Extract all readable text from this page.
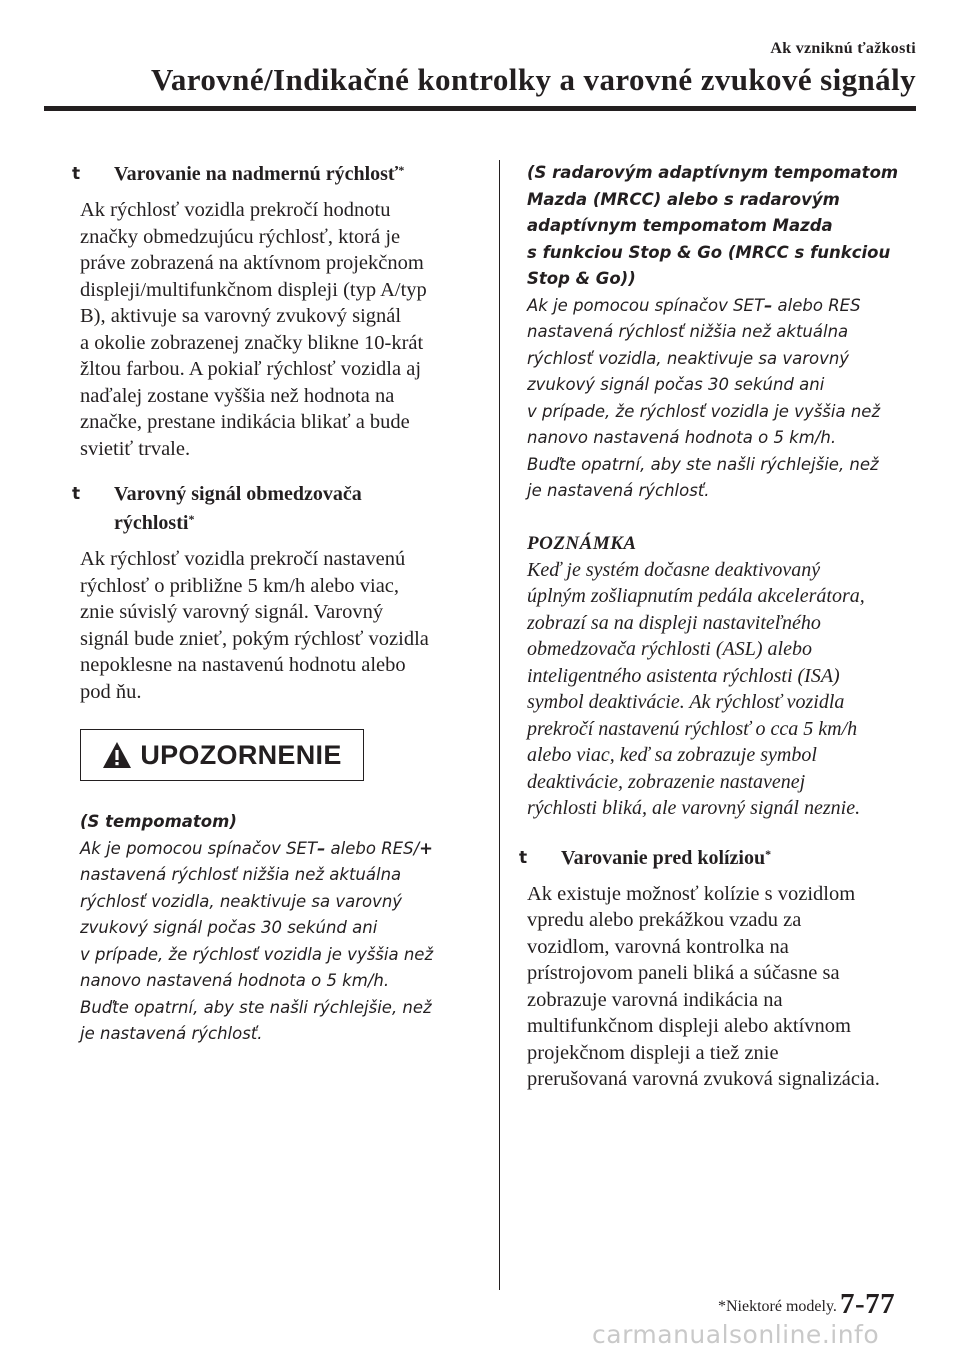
Ak vzniknú ťažkosti
Varovné/Indikačné kontrolky a varovné zvukové signály
t Varovanie na nadmernú rýchlosť*
Ak rýchlosť vozidla prekročí hodnotu
značky obmedzujúcu rýchlosť, ktorá je
práve zobrazená na aktívnom projekčnom
displeji/multifunkčnom displeji (typ A/typ
B), aktivuje sa varovný zvukový signál
a okolie zobrazenej značky blikne 10-krát
žltou farbou. A pokiaľ rýchlosť vozidla aj
naďalej zostane vyššia než hodnota na
značke, prestane indikácia blikať a bude
svietiť trvale.
t Varovný signál obmedzovača
rýchlosti*
Ak rýchlosť vozidla prekročí nastavenú
rýchlosť o približne 5 km/h alebo viac,
znie súvislý varovný signál. Varovný
signál bude znieť, pokým rýchlosť vozidla
nepoklesne na nastavenú hodnotu alebo
pod ňu.
UPOZORNENIE
(S tempomatom)
Ak je pomocou spínačov SET– alebo RES/+
nastavená rýchlosť nižšia než aktuálna
rýchlosť vozidla, neaktivuje sa varovný
zvukový signál počas 30 sekúnd ani
v prípade, že rýchlosť vozidla je vyššia než
nanovo nastavená hodnota o 5 km/h.
Buďte opatrní, aby ste našli rýchlejšie, než
je nastavená rýchlosť.
(S radarovým adaptívnym tempomatom
Mazda (MRCC) alebo s radarovým
adaptívnym tempomatom Mazda
s funkciou Stop & Go (MRCC s funkciou
Stop & Go))
Ak je pomocou spínačov SET– alebo RES
nastavená rýchlosť nižšia než aktuálna
rýchlosť vozidla, neaktivuje sa varovný
zvukový signál počas 30 sekúnd ani
v prípade, že rýchlosť vozidla je vyššia než
nanovo nastavená hodnota o 5 km/h.
Buďte opatrní, aby ste našli rýchlejšie, než
je nastavená rýchlosť.
POZNÁMKA
Keď je systém dočasne deaktivovaný
úplným zošliapnutím pedála akcelerátora,
zobrazí sa na displeji nastaviteľného
obmedzovača rýchlosti (ASL) alebo
inteligentného asistenta rýchlosti (ISA)
symbol deaktivácie. Ak rýchlosť vozidla
prekročí nastavenú rýchlosť o cca 5 km/h
alebo viac, keď sa zobrazuje symbol
deaktivácie, zobrazenie nastavenej
rýchlosti bliká, ale varovný signál neznie.
t Varovanie pred kolíziou*
Ak existuje možnosť kolízie s vozidlom
vpredu alebo prekážkou vzadu za
vozidlom, varovná kontrolka na
prístrojovom paneli bliká a súčasne sa
zobrazuje varovná indikácia na
multifunkčnom displeji alebo aktívnom
projekčnom displeji a tiež znie
prerušovaná varovná zvuková signalizácia.
*Niektoré modely. 7-77
carmanualsonline.info
